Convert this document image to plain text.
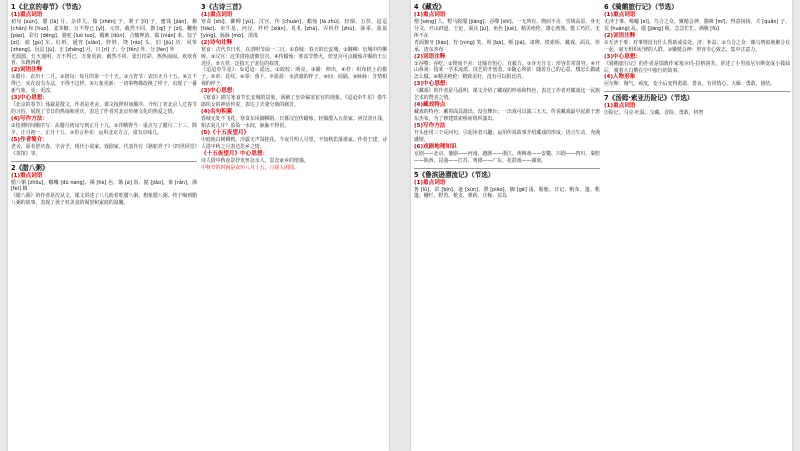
1《北京的春节》（节选）
(1)重点词语
初旬 [xún]、腊 [là] 月、杂拌儿、榛 [zhēn] 子、栗子 [lì] 子、蜜饯 [jiàn]、掺 [chān] 和 [huo]、麦芽糖、万不得已 [yǐ]、元宵、截然不同、旗 [qí] 子 [zi]、鞭炮 [pào]、彩灯 [dēng]、骆驼 [luò tuo]、醒盹 [dǔn]、合辙押韵、黏 [nián] 米、饺子 [zi]、雇 [gù] 车、红纸、通宵 [xiāo]、胖胖、饶 [ráo] 头、旧 [jiù] 历、风筝 [zheng]、玩具 [jù]、正 [zhēng] 月、日 [rì] 子、分 [fēn] 外、分 [fèn] 外
光溜溜、灯火通明、万不得已、万象更新、截然不同、张灯结彩、热热闹闹、欢欢喜喜、东跑西跑
(2)词语注释
①腊月：农历十二月。②初旬：每月的第一个十天。③元宵节：农历正月十五。④万不得已：实在没有办法，不得不这样。⑤万象更新：一切事物都改换了样子，出现了一番新气象。更：更改。
(3)中心思想：
《北京的春节》体裁是散文，作者是老舍。课文按照时间顺序，介绍了老北京人过春节的习俗，展现了节日的热闹和喜庆，表达了作者对北京传统文化的热爱之情。
(4)写作方法：
①按照时间顺序写：从腊月初旬写到正月十九。②详略得当：重点写了腊月二十三、除夕、正月初一、正月十五。③语言朴实：运用北京方言，富有京味儿。
(5)作者简介：
老舍，原名舒庆春，字舍予，现代小说家、戏剧家。代表作有《骆驼祥子》《四世同堂》《茶馆》等。
2《腊八粥》
(1)重点词语
腊八粥 [zhōu]、嘟囔 [dū nang]、褐 [hè] 色、饿 [è] 饭、搅 [jiǎo]、染 [rǎn]、沸 [fèi] 腾
《腊八粥》的作者是沈从文，课文讲述了八儿盼着吃腊八粥、想象腊八粥、终于喝到腊八粥的故事，表现了孩子对美食的渴望和家庭的温馨。
3《古诗三首》
(1)重点词语
寒食 [shí]、御柳 [yù]、汉宫、传 [chuán]、蜡烛 [là zhú]、轻烟、五侯、迢迢 [tiáo]、牵牛星、河汉、纤纤 [xiān]、札札 [zhá]、弄机杼 [zhù]、涕零、盈盈 [yíng]、脉脉 [mò]、清浅
(2)诗句注释
寒食：古代节日名，在清明节前一二日。①春城：春天的长安城。②御柳：皇城中的柳树。③汉宫：这里借指唐朝皇宫。④传蜡烛：寒食节禁火，但皇宫可点蜡烛并赐给王公近臣。⑤五侯：泛指天子宠信的权贵。
《迢迢牵牛星》：①迢迢：遥远。②皎皎：明亮。③擢：伸出。④杼：织布机上的梭子。⑤章：花纹。⑥零：落下。⑦盈盈：水清澈的样子。⑧间：间隔。⑨脉脉：含情相视的样子。
(3)中心思想：
《寒食》描写寒食节长安城的景象，讽刺了皇帝偏宠宦官的现象。《迢迢牵牛星》借牛郎织女的神话传说，表达了夫妻分离的痛苦。
(4)名句积累
春城无处不飞花，寒食东风御柳斜。日暮汉宫传蜡烛，轻烟散入五侯家。河汉清且浅，相去复几许？盈盈一水间，脉脉不得语。
(5)《十五夜望月》
中庭地白树栖鸦，冷露无声湿桂花。今夜月明人尽望，不知秋思落谁家。作者王建，诗人借中秋之月表达思乡之情。
《十五夜望月》中心思想：
诗人借中秋夜景抒发怀念亲人、思念家乡的情感。
中秋节的时间是农历八月十五，月圆人团圆。
4《藏戏》
(1)重点词语
僧 [sēng] 人、野马脱缰 [jiāng]、吞噬 [shì]、一无所有、锲而不舍、雪域高原、身无分文、开山辟道、王妃、面具 [jù]、角色 [jué]、精美绝伦、雄心勃勃、能工巧匠、无所不在
青面獠牙 [liáo]、狞 [níng] 笑、坝 [bà]、颊 [jiá]、肃穆、铁索桥、藏戏、面具、传承、唐东杰布
(2)词语注释
①吞噬：吞吃。②锲而不舍：比喻有恒心、有毅力。③身无分文：形容非常贫穷。④开山鼻祖：指某一学术流派、技艺的开创者。⑤随心所欲：随着自己的心意，想怎么做就怎么做。⑥精美绝伦：精致美好，没有可以相比的。
(3)中心思想：
《藏戏》的作者是马晨明，课文介绍了藏戏的形成和特色，表达了作者对藏戏这一民族艺术的赞美之情。
(4)藏戏特点
藏戏的特色：戴着面具演出；没有舞台；一出戏可以演三五天。传说藏戏最早起源于唐东杰布，为了修建铁索桥而组织演出。
(5)写作方法
开头连用三个反问句，引起读者兴趣；运用传说故事介绍藏戏的形成；语言生动，充满感情。
(6)戏剧地理知识
京剧——北京、豫剧——河南、越剧——浙江、黄梅戏——安徽、川剧——四川、秦腔——陕西、昆曲——江苏、粤剧——广东、花鼓戏——湖南。
5《鲁滨逊漂流记》（节选）
(1)重点词语
鲁 [lǔ]、滨 [bīn]、逊 [xùn]、漂 [piāo]、搁 [gē] 浅、船舱、日记、帆布、篷、帐篷、栅栏、野兽、枪支、弹药、庄稼、荒岛
6《骑鹅旅行记》（节选）
(1)重点词语
无济于事、唏嘘 [xī]、鸟合之众、聚精会神、猫咪 [mī]、得意扬扬、犬 [quǎn] 子、荒 [huāng] 乱、缰 [jiāng] 绳、急急忙忙、满腹 [fù]
(2)词语注释
①无济于事：对事情没有什么帮助或益处。济：补益。②乌合之众：像乌鸦似地聚合在一起，毫无组织纪律的人群。③聚精会神：形容专心致志，集中注意力。
(3)中心思想：
《骑鹅旅行记》的作者是瑞典作家塞尔玛·拉格洛芙，讲述了小男孩尼尔斯变成小狐仙后，骑着大白鹅在空中旅行的故事。
(4)人物形象
尼尔斯：淘气、顽皮，变小后变得勇敢、善良、有同情心。大雁：勇敢、团结。
7《汤姆·索亚历险记》（节选）
(1)重点词语
历险记、马克·吐温、宝藏、冒险、勇敢、机智
